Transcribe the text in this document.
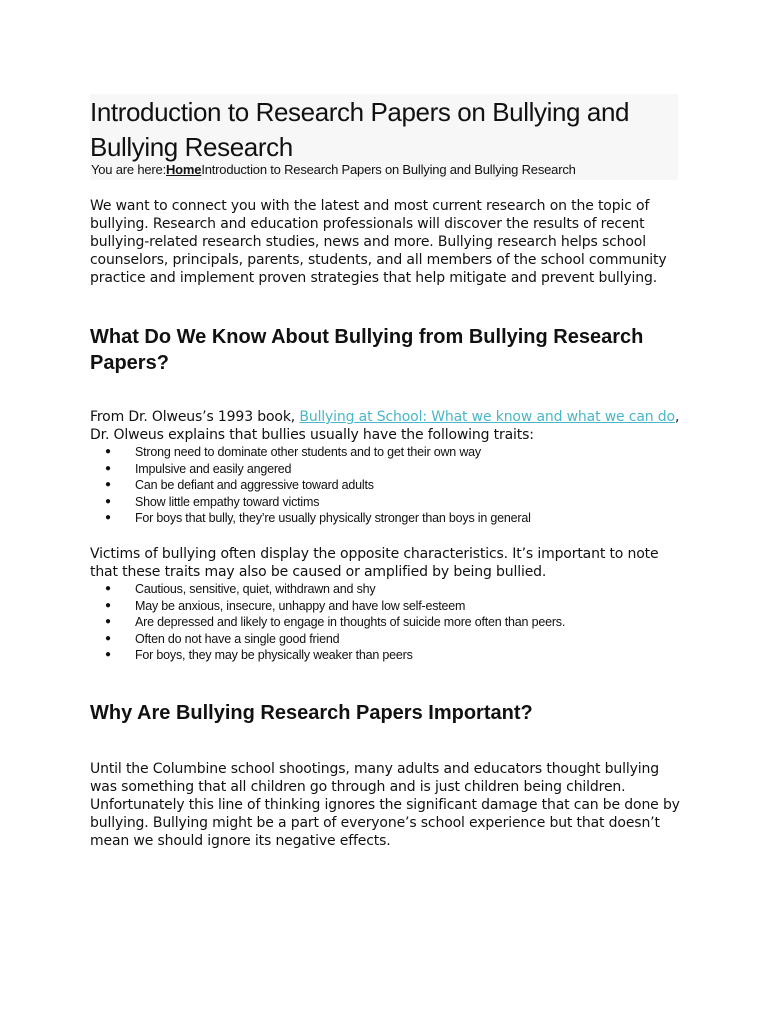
Introduction to Research Papers on Bullying and Bullying Research
You are here:HomeIntroduction to Research Papers on Bullying and Bullying Research

We want to connect you with the latest and most current research on the topic of bullying. Research and education professionals will discover the results of recent bullying-related research studies, news and more. Bullying research helps school counselors, principals, parents, students, and all members of the school community practice and implement proven strategies that help mitigate and prevent bullying.

What Do We Know About Bullying from Bullying Research Papers?

From Dr. Olweus’s 1993 book, Bullying at School: What we know and what we can do, Dr. Olweus explains that bullies usually have the following traits:

● Strong need to dominate other students and to get their own way
● Impulsive and easily angered
● Can be defiant and aggressive toward adults
● Show little empathy toward victims
● For boys that bully, they’re usually physically stronger than boys in general

Victims of bullying often display the opposite characteristics. It’s important to note that these traits may also be caused or amplified by being bullied.

● Cautious, sensitive, quiet, withdrawn and shy
● May be anxious, insecure, unhappy and have low self-esteem
● Are depressed and likely to engage in thoughts of suicide more often than peers.
● Often do not have a single good friend
● For boys, they may be physically weaker than peers
Why Are Bullying Research Papers Important?

Until the Columbine school shootings, many adults and educators thought bullying was something that all children go through and is just children being children. Unfortunately this line of thinking ignores the significant damage that can be done by bullying. Bullying might be a part of everyone’s school experience but that doesn’t mean we should ignore its negative effects.
